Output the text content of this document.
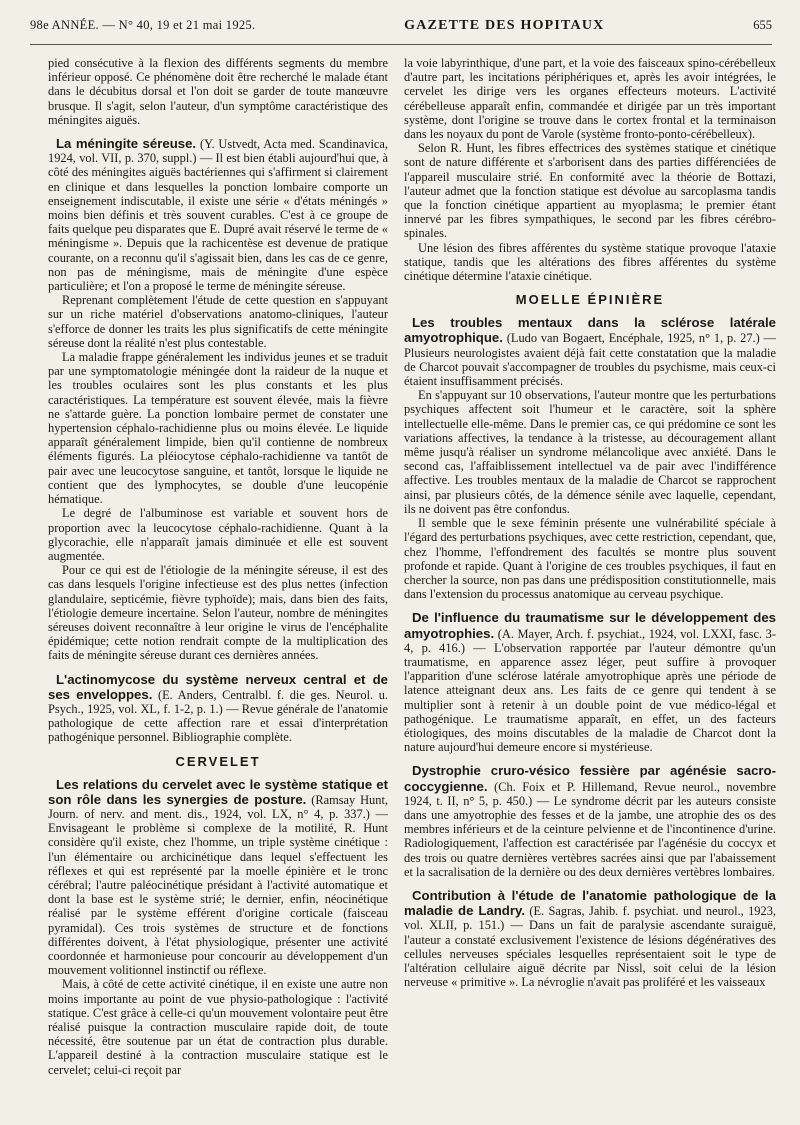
98e ANNÉE. — N° 40, 19 et 21 mai 1925.	GAZETTE DES HOPITAUX	655

pied consécutive à la flexion des différents segments du membre inférieur opposé. Ce phénomène doit être recherché le malade étant dans le décubitus dorsal et l'on doit se garder de toute manœuvre brusque. Il s'agit, selon l'auteur, d'un symptôme caractéristique des méningites aiguës.

La méningite séreuse. (Y. Ustvedt, Acta med. Scandinavica, 1924, vol. VII, p. 370, suppl.) — Il est bien établi aujourd'hui que, à côté des méningites aiguës bactériennes qui s'affirment si clairement en clinique et dans lesquelles la ponction lombaire comporte un enseignement indiscutable, il existe une série « d'états méningés » moins bien définis et très souvent curables. C'est à ce groupe de faits quelque peu disparates que E. Dupré avait réservé le terme de « méningisme ». Depuis que la rachicentèse est devenue de pratique courante, on a reconnu qu'il s'agissait bien, dans les cas de ce genre, non pas de méningisme, mais de méningite d'une espèce particulière; et l'on a proposé le terme de méningite séreuse.

Reprenant complètement l'étude de cette question en s'appuyant sur un riche matériel d'observations anatomo-cliniques, l'auteur s'efforce de donner les traits les plus significatifs de cette méningite séreuse dont la réalité n'est plus contestable.

La maladie frappe généralement les individus jeunes et se traduit par une symptomatologie méningée dont la raideur de la nuque et les troubles oculaires sont les plus constants et les plus caractéristiques. La température est souvent élevée, mais la fièvre ne s'attarde guère. La ponction lombaire permet de constater une hypertension céphalo-rachidienne plus ou moins élevée. Le liquide apparaît généralement limpide, bien qu'il contienne de nombreux éléments figurés. La pléiocytose céphalo-rachidienne va tantôt de pair avec une leucocytose sanguine, et tantôt, lorsque le liquide ne contient que des lymphocytes, se double d'une leucopénie hématique.

Le degré de l'albuminose est variable et souvent hors de proportion avec la leucocytose céphalo-rachidienne. Quant à la glycorachie, elle n'apparaît jamais diminuée et elle est souvent augmentée.

Pour ce qui est de l'étiologie de la méningite séreuse, il est des cas dans lesquels l'origine infectieuse est des plus nettes (infection glandulaire, septicémie, fièvre typhoïde); mais, dans bien des faits, l'étiologie demeure incertaine. Selon l'auteur, nombre de méningites séreuses doivent reconnaître à leur origine le virus de l'encéphalite épidémique; cette notion rendrait compte de la multiplication des faits de méningite séreuse durant ces dernières années.

L'actinomycose du système nerveux central et de ses enveloppes. (E. Anders, Centralbl. f. die ges. Neurol. u. Psych., 1925, vol. XL, f. 1-2, p. 1.) — Revue générale de l'anatomie pathologique de cette affection rare et essai d'interprétation pathogénique personnel. Bibliographie complète.

CERVELET

Les relations du cervelet avec le système statique et son rôle dans les synergies de posture. (Ramsay Hunt, Journ. of nerv. and ment. dis., 1924, vol. LX, n° 4, p. 337.) — Envisageant le problème si complexe de la motilité, R. Hunt considère qu'il existe, chez l'homme, un triple système cinétique : l'un élémentaire ou archicinétique dans lequel s'effectuent les réflexes et qui est représenté par la moelle épinière et le tronc cérébral; l'autre paléocinétique présidant à l'activité automatique et dont la base est le système strié; le dernier, enfin, néocinétique réalisé par le système efférent d'origine corticale (faisceau pyramidal). Ces trois systèmes de structure et de fonctions différentes doivent, à l'état physiologique, présenter une activité coordonnée et harmonieuse pour concourir au développement d'un mouvement volitionnel instinctif ou réflexe.

Mais, à côté de cette activité cinétique, il en existe une autre non moins importante au point de vue physio-pathologique : l'activité statique. C'est grâce à celle-ci qu'un mouvement volontaire peut être réalisé puisque la contraction musculaire rapide doit, de toute nécessité, être soutenue par un état de contraction plus durable. L'appareil destiné à la contraction musculaire statique est le cervelet; celui-ci reçoit par

la voie labyrinthique, d'une part, et la voie des faisceaux spino-cérébelleux d'autre part, les incitations périphériques et, après les avoir intégrées, le cervelet les dirige vers les organes effecteurs moteurs. L'activité cérébelleuse apparaît enfin, commandée et dirigée par un très important système, dont l'origine se trouve dans le cortex frontal et la terminaison dans les noyaux du pont de Varole (système fronto-ponto-cérébelleux).

Selon R. Hunt, les fibres effectrices des systèmes statique et cinétique sont de nature différente et s'arborisent dans des parties différenciées de l'appareil musculaire strié. En conformité avec la théorie de Bottazi, l'auteur admet que la fonction statique est dévolue au sarcoplasma tandis que la fonction cinétique appartient au myoplasma; le premier étant innervé par les fibres sympathiques, le second par les fibres cérébro-spinales.

Une lésion des fibres afférentes du système statique provoque l'ataxie statique, tandis que les altérations des fibres afférentes du système cinétique détermine l'ataxie cinétique.

MOELLE ÉPINIÈRE

Les troubles mentaux dans la sclérose latérale amyotrophique. (Ludo van Bogaert, Encéphale, 1925, n° 1, p. 27.) — Plusieurs neurologistes avaient déjà fait cette constatation que la maladie de Charcot pouvait s'accompagner de troubles du psychisme, mais ceux-ci étaient insuffisamment précisés.

En s'appuyant sur 10 observations, l'auteur montre que les perturbations psychiques affectent soit l'humeur et le caractère, soit la sphère intellectuelle elle-même. Dans le premier cas, ce qui prédomine ce sont les variations affectives, la tendance à la tristesse, au découragement allant même jusqu'à réaliser un syndrome mélancolique avec anxiété. Dans le second cas, l'affaiblissement intellectuel va de pair avec l'indifférence affective. Les troubles mentaux de la maladie de Charcot se rapprochent ainsi, par plusieurs côtés, de la démence sénile avec laquelle, cependant, ils ne doivent pas être confondus.

Il semble que le sexe féminin présente une vulnérabilité spéciale à l'égard des perturbations psychiques, avec cette restriction, cependant, que, chez l'homme, l'effondrement des facultés se montre plus souvent profonde et rapide. Quant à l'origine de ces troubles psychiques, il faut en chercher la source, non pas dans une prédisposition constitutionnelle, mais dans l'extension du processus anatomique au cerveau psychique.

De l'influence du traumatisme sur le développement des amyotrophies. (A. Mayer, Arch. f. psychiat., 1924, vol. LXXI, fasc. 3-4, p. 416.) — L'observation rapportée par l'auteur démontre qu'un traumatisme, en apparence assez léger, peut suffire à provoquer l'apparition d'une sclérose latérale amyotrophique après une période de latence atteignant deux ans. Les faits de ce genre qui tendent à se multiplier sont à retenir à un double point de vue médico-légal et pathogénique. Le traumatisme apparaît, en effet, un des facteurs étiologiques, des moins discutables de la maladie de Charcot dont la nature aujourd'hui demeure encore si mystérieuse.

Dystrophie cruro-vésico fessière par agénésie sacro-coccygienne. (Ch. Foix et P. Hillemand, Revue neurol., novembre 1924, t. II, n° 5, p. 450.) — Le syndrome décrit par les auteurs consiste dans une amyotrophie des fesses et de la jambe, une atrophie des os des membres inférieurs et de la ceinture pelvienne et de l'incontinence d'urine. Radiologiquement, l'affection est caractérisée par l'agénésie du coccyx et des trois ou quatre dernières vertèbres sacrées ainsi que par l'abaissement et la sacralisation de la dernière ou des deux dernières vertèbres lombaires.

Contribution à l'étude de l'anatomie pathologique de la maladie de Landry. (E. Sagras, Jahib. f. psychiat. und neurol., 1923, vol. XLII, p. 151.) — Dans un fait de paralysie ascendante suraiguë, l'auteur a constaté exclusivement l'existence de lésions dégénératives des cellules nerveuses spéciales lesquelles représentaient soit le type de l'altération cellulaire aiguë décrite par Nissl, soit celui de la lésion nerveuse « primitive ». La névroglie n'avait pas proliféré et les vaisseaux
